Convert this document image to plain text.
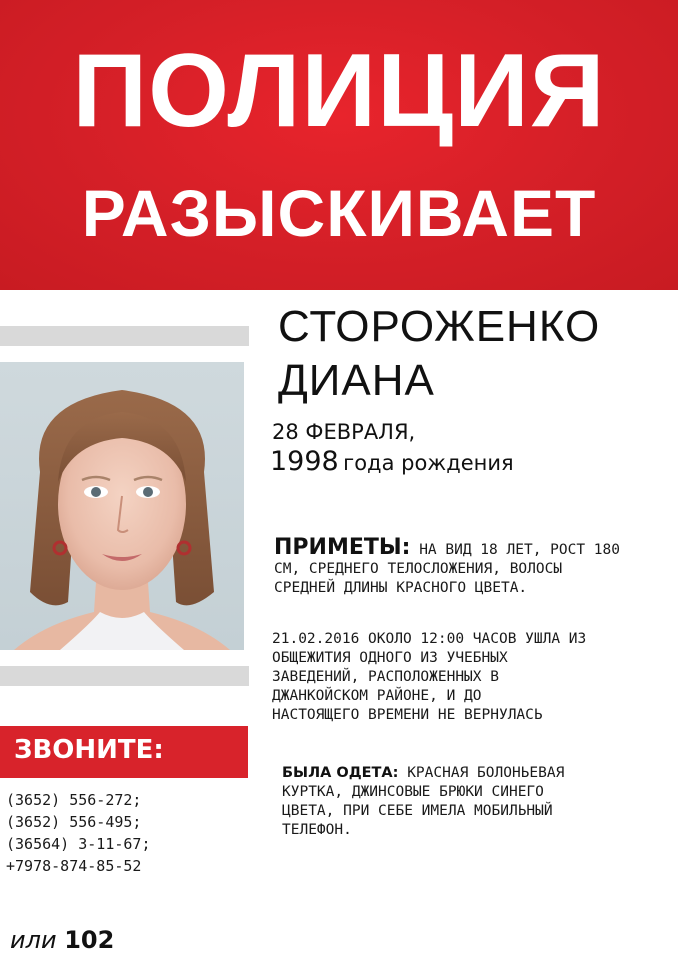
ПОЛИЦИЯ
РАЗЫСКИВАЕТ
СТОРОЖЕНКО
ДИАНА
28 ФЕВРАЛЯ,
1998 года рождения
ПРИМЕТЫ: НА ВИД 18 ЛЕТ, РОСТ 180
СМ, СРЕДНЕГО ТЕЛОСЛОЖЕНИЯ, ВОЛОСЫ
СРЕДНЕЙ ДЛИНЫ КРАСНОГО ЦВЕТА.
21.02.2016 ОКОЛО 12:00 ЧАСОВ УШЛА ИЗ
ОБЩЕЖИТИЯ ОДНОГО ИЗ УЧЕБНЫХ
ЗАВЕДЕНИЙ, РАСПОЛОЖЕННЫХ В
ДЖАНКОЙСКОМ РАЙОНЕ, И ДО
НАСТОЯЩЕГО ВРЕМЕНИ НЕ ВЕРНУЛАСЬ
БЫЛА ОДЕТА: КРАСНАЯ БОЛОНЬЕВАЯ
КУРТКА, ДЖИНСОВЫЕ БРЮКИ СИНЕГО
ЦВЕТА, ПРИ СЕБЕ ИМЕЛА МОБИЛЬНЫЙ
ТЕЛЕФОН.
ЗВОНИТЕ:
(3652) 556-272;
(3652) 556-495;
(36564) 3-11-67;
+7978-874-85-52
или 102
